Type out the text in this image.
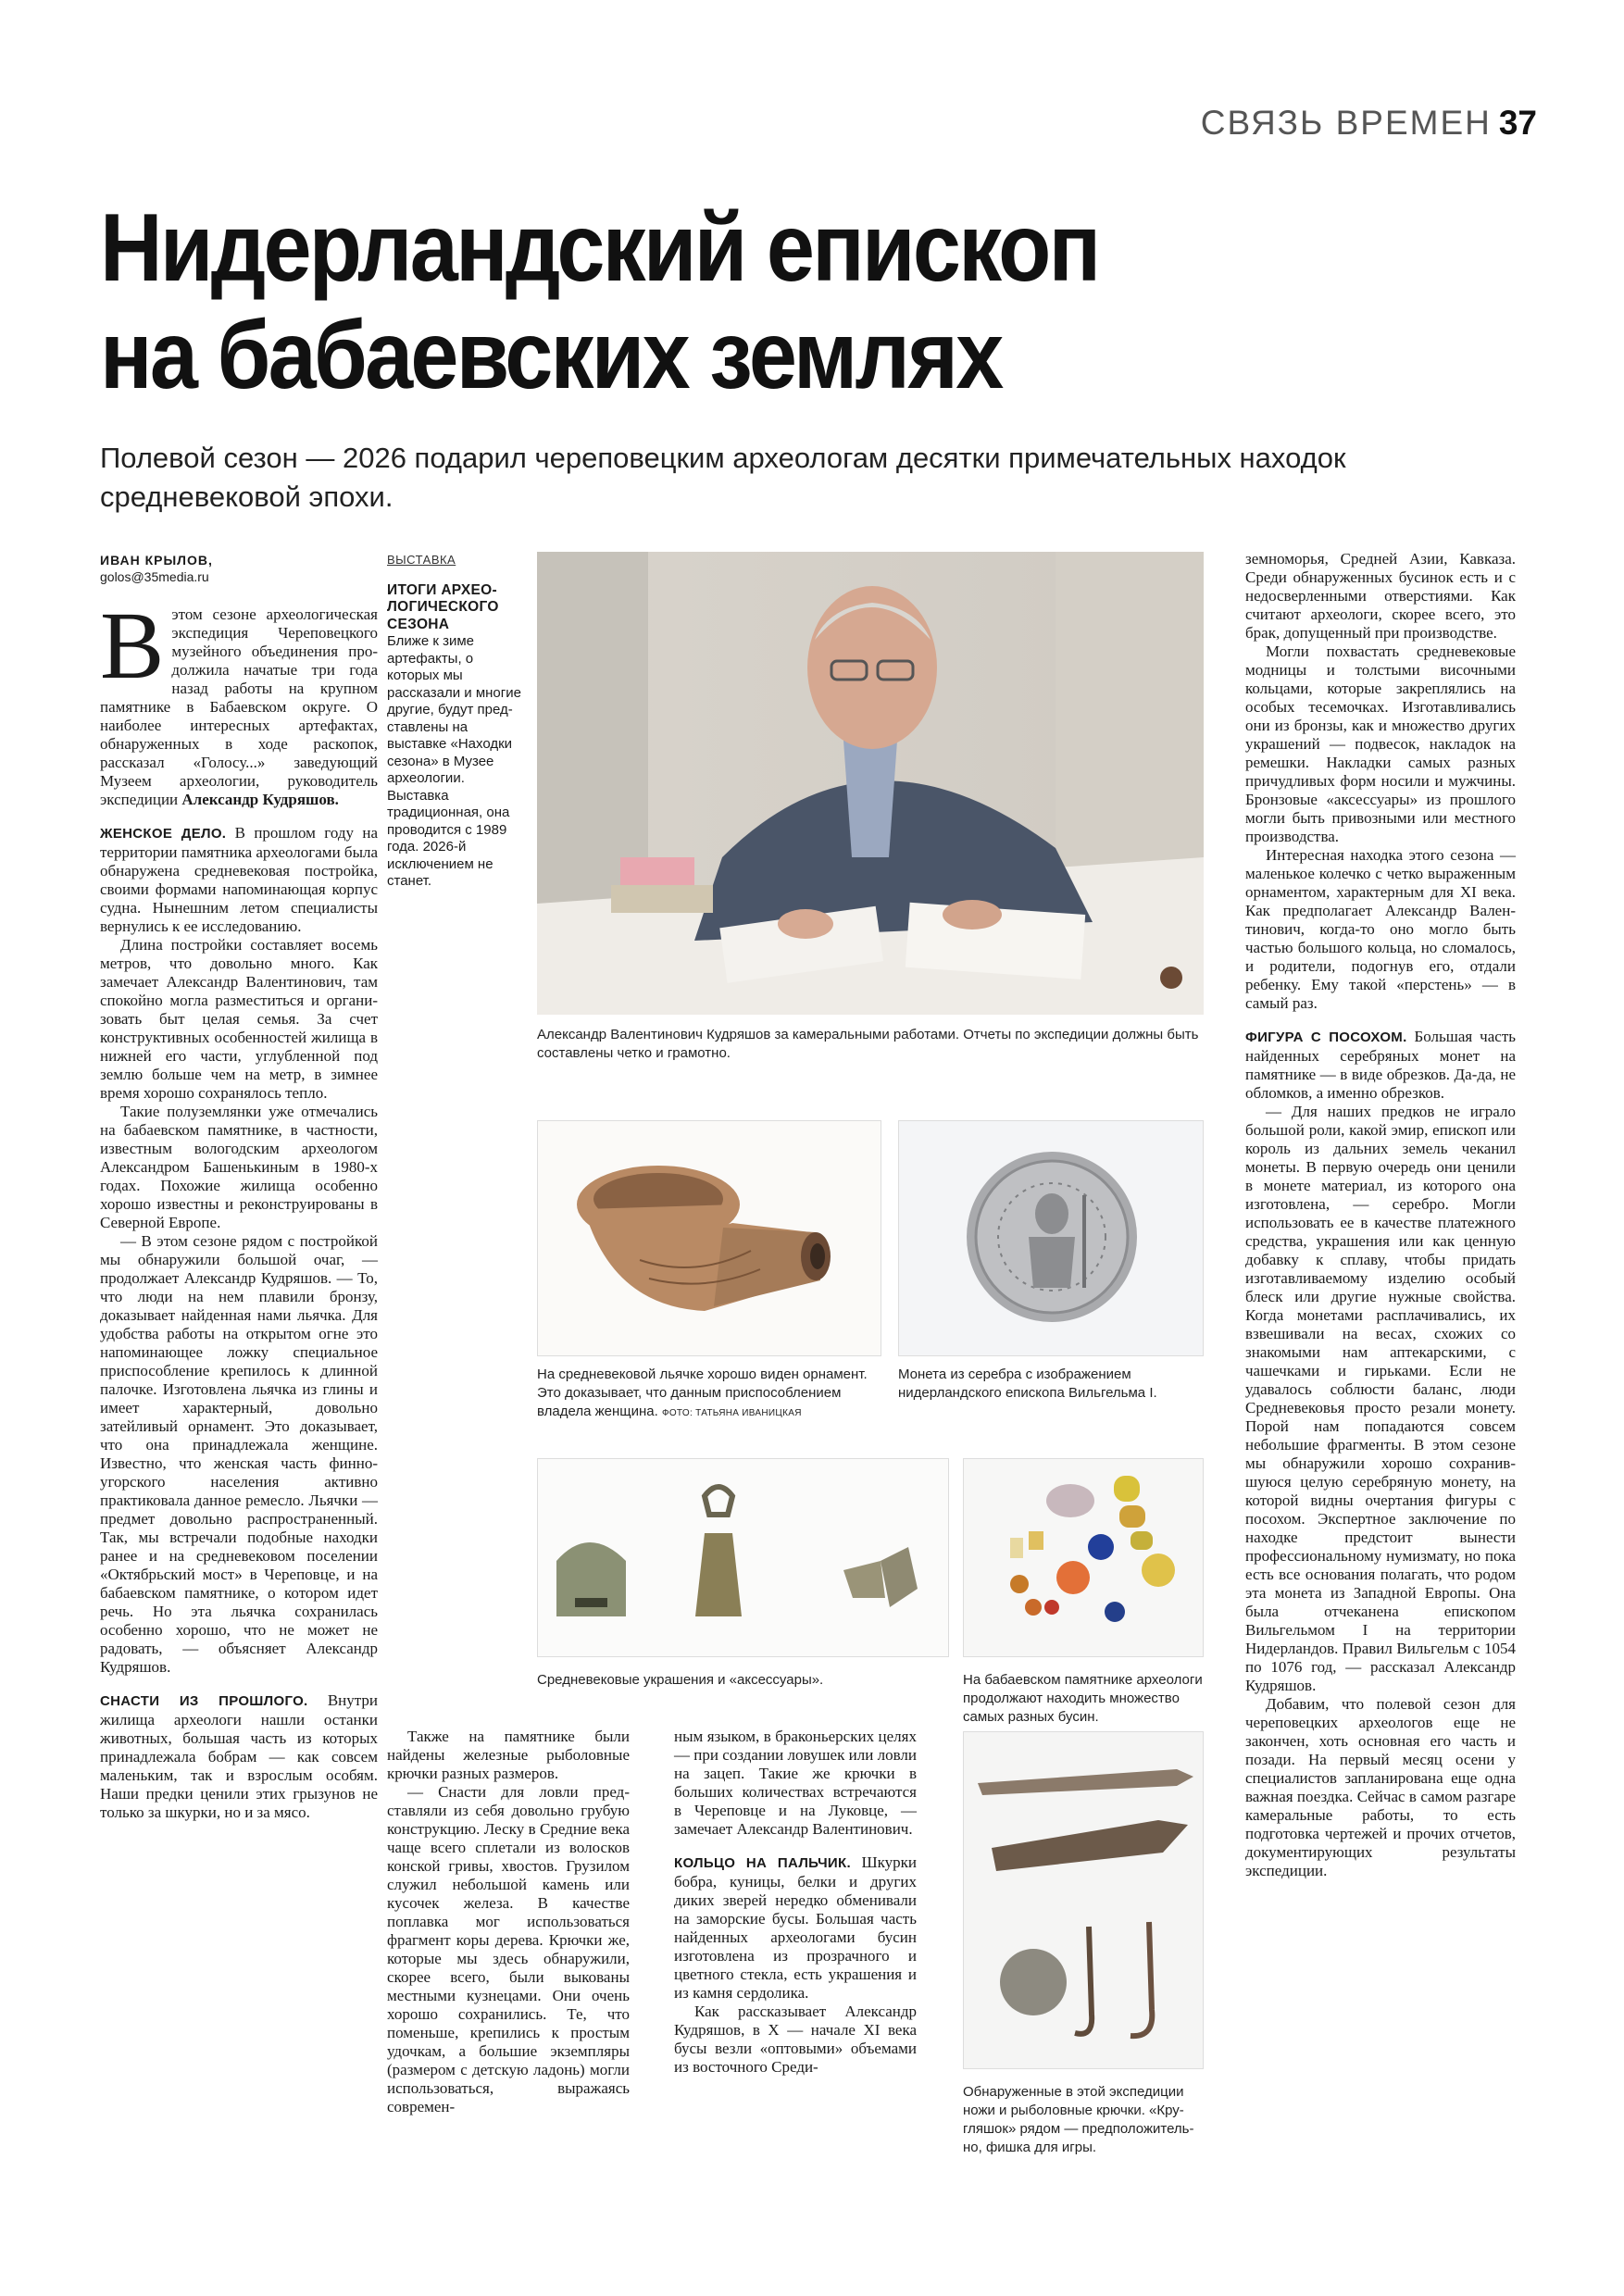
СВЯЗЬ ВРЕМЕН 37
Нидерландский епископ
на бабаевских землях
Полевой сезон — 2026 подарил череповецким археологам десятки примечательных находок средневековой эпохи.
ИВАН КРЫЛОВ,
golos@35media.ru

Вэтом сезоне археологическая экспедиция Череповецкого музейного объединения продолжила начатые три года назад работы на крупном памятнике в Бабаевском округе. О наиболее интересных артефактах, обнаруженных в ходе раскопок, рассказал «Голосу...» заведующий Музеем археологии, руководитель экспедиции Александр Кудряшов.

ЖЕНСКОЕ ДЕЛО. В прошлом году на территории памятника археологами была обнаружена средневековая постройка, своими формами напоминающая корпус судна. Нынешним летом специалисты вернулись к ее исследованию.

Длина постройки составляет восемь метров, что довольно много. Как замечает Александр Валентинович, там спокойно могла разместиться и организовать быт целая семья. За счет конструктивных особенностей жилища в нижней его части, углубленной под землю больше чем на метр, в зимнее время хорошо сохранялось тепло.

Такие полуземлянки уже отмечались на бабаевском памятнике, в частности, известным вологодским археологом Александром Башенькиным в 1980-х годах. Похожие жилища особенно хорошо известны и реконструированы в Северной Европе.

— В этом сезоне рядом с постройкой мы обнаружили большой очаг, — продолжает Александр Кудряшов. — То, что люди на нем плавили бронзу, доказывает найденная нами льячка. Для удобства работы на открытом огне это напоминающее ложку специальное приспособление крепилось к длинной палочке. Изготовлена льячка из глины и имеет характерный, довольно затейливый орнамент. Это доказывает, что она принадлежала женщине. Известно, что женская часть финно-угорского населения активно практиковала данное ремесло. Льячки — предмет довольно распространенный. Так, мы встречали подобные находки ранее и на средневековом поселении «Октябрьский мост» в Череповце, и на бабаевском памятнике, о котором идет речь. Но эта льячка сохранилась особенно хорошо, что не может не радовать, — объясняет Александр Кудряшов.

СНАСТИ ИЗ ПРОШЛОГО. Внутри жилища археологи нашли останки животных, большая часть из которых принадлежала бобрам — как совсем маленьким, так и взрослым особям. Наши предки ценили этих грызунов не только за шкурки, но и за мясо.

ВЫСТАВКА
ИТОГИ АРХЕОЛОГИЧЕСКОГО СЕЗОНА
Ближе к зиме артефакты, о которых мы рассказали и многие другие, будут представлены на выставке «Находки сезона» в Музее археологии. Выставка традиционная, она проводится с 1989 года. 2026-й исключением не станет.
Александр Валентинович Кудряшов за камеральными работами. Отчеты по экспедиции должны быть составлены четко и грамотно.
На средневековой льячке хорошо виден орнамент. Это доказывает, что данным приспособлением владела женщина. ФОТО: ТАТЬЯНА ИВАНИЦКАЯ
Монета из серебра с изображением нидерландского епископа Вильгельма I.
Средневековые украшения и «аксессуары».	На бабаевском памятнике археологи продолжают находить множество самых разных бусин.
Обнаруженные в этой экспедиции ножи и рыболовные крючки. «Кругляшок» рядом — предположительно, фишка для игры.

Также на памятнике были найдены железные рыболовные крючки разных размеров.

— Снасти для ловли представляли из себя довольно грубую конструкцию. Леску в Средние века чаще всего сплетали из волосков конской гривы, хвостов. Грузилом служил небольшой камень или кусочек железа. В качестве поплавка мог использоваться фрагмент коры дерева. Крючки же, которые мы здесь обнаружили, скорее всего, были выкованы местными кузнецами. Они очень хорошо сохранились. Те, что поменьше, крепились к простым удочкам, а большие экземпляры (размером с детскую ладонь) могли использоваться, выражаясь современ-

ным языком, в браконьерских целях — при создании ловушек или ловли на зацеп. Такие же крючки в больших количествах встречаются в Череповце и на Луковце, — замечает Александр Валентинович.

КОЛЬЦО НА ПАЛЬЧИК. Шкурки бобра, куницы, белки и других диких зверей нередко обменивали на заморские бусы. Большая часть найденных археологами бусин изготовлена из прозрачного и цветного стекла, есть украшения и из камня сердолика.

Как рассказывает Александр Кудряшов, в X — начале XI века бусы везли «оптовыми» объемами из восточного Среди-

земноморья, Средней Азии, Кавказа. Среди обнаруженных бусинок есть и с недосверленными отверстиями. Как считают археологи, скорее всего, это брак, допущенный при производстве.

Могли похвастать средневековые модницы и толстыми височными кольцами, которые закреплялись на особых тесемочках. Изготавливались они из бронзы, как и множество других украшений — подвесок, накладок на ремешки. Накладки самых разных причудливых форм носили и мужчины. Бронзовые «аксессуары» из прошлого могли быть привозными или местного производства.

Интересная находка этого сезона — маленькое колечко с четко выраженным орнаментом, характерным для XI века. Как предполагает Александр Валентинович, когда-то оно могло быть частью большого кольца, но сломалось, и родители, подогнув его, отдали ребенку. Ему такой «перстень» — в самый раз.

ФИГУРА С ПОСОХОМ. Большая часть найденных серебряных монет на памятнике — в виде обрезков. Да-да, не обломков, а именно обрезков.

— Для наших предков не играло большой роли, какой эмир, епископ или король из дальних земель чеканил монеты. В первую очередь они ценили в монете материал, из которого она изготовлена, — серебро. Могли использовать ее в качестве платежного средства, украшения или как ценную добавку к сплаву, чтобы придать изготавливаемому изделию особый блеск или другие нужные свойства. Когда монетами расплачивались, их взвешивали на весах, схожих со знакомыми нам аптекарскими, с чашечками и гирьками. Если не удавалось соблюсти баланс, люди Средневековья просто резали монету. Порой нам попадаются совсем небольшие фрагменты. В этом сезоне мы обнаружили хорошо сохранившуюся целую серебряную монету, на которой видны очертания фигуры с посохом. Экспертное заключение по находке предстоит вынести профессиональному нумизмату, но пока есть все основания полагать, что родом эта монета из Западной Европы. Она была отчеканена епископом Вильгельмом I на территории Нидерландов. Правил Вильгельм с 1054 по 1076 год, — рассказал Александр Кудряшов.

Добавим, что полевой сезон для череповецких археологов еще не закончен, хоть основная его часть и позади. На первый месяц осени у специалистов запланирована еще одна важная поездка. Сейчас в самом разгаре камеральные работы, то есть подготовка чертежей и прочих отчетов, документирующих результаты экспедиции.
